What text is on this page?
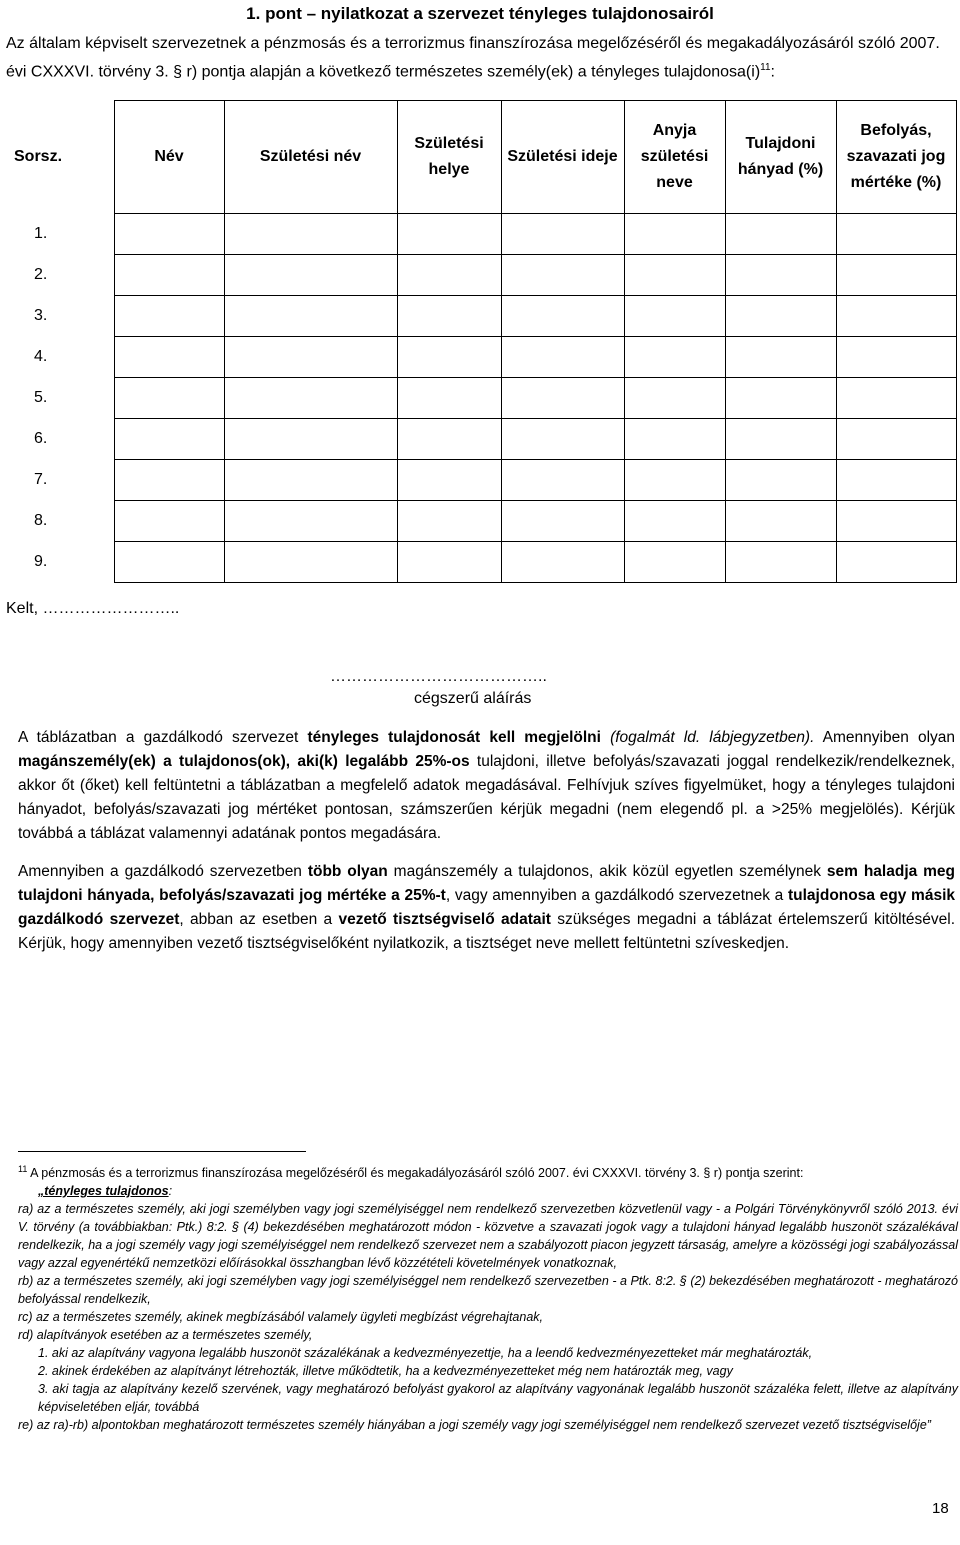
1. pont – nyilatkozat a szervezet tényleges tulajdonosairól
Az általam képviselt szervezetnek a pénzmosás és a terrorizmus finanszírozása megelőzéséről és megakadályozásáról szóló 2007. évi CXXXVI. törvény 3. § r) pontja alapján a következő természetes személy(ek) a tényleges $tulajdonosa(i)^{11}$:
Sorsz.	Név	Születési név	Születési helye	Születési ideje	Anyja születési neve	Tulajdoni hányad (%)	Befolyás, szavazati jog mértéke (%)
1.							
2.							
3.							
4.							
5.							
6.							
7.							
8.							
9.							
Kelt, ……………………..
…………………………………..
cégszerű aláírás
A táblázatban a gazdálkodó szervezet tényleges tulajdonosát kell megjelölni (fogalmát ld. lábjegyzetben). Amennyiben olyan magánszemély(ek) a tulajdonos(ok), aki(k) legalább 25%-os tulajdoni, illetve befolyás/szavazati joggal rendelkezik/rendelkeznek, akkor őt (őket) kell feltüntetni a táblázatban a megfelelő adatok megadásával. Felhívjuk szíves figyelmüket, hogy a tényleges tulajdoni hányadot, befolyás/szavazati jog mértéket pontosan, számszerűen kérjük megadni (nem elegendő pl. a >25% megjelölés). Kérjük továbbá a táblázat valamennyi adatának pontos megadására.
Amennyiben a gazdálkodó szervezetben több olyan magánszemély a tulajdonos, akik közül egyetlen személynek sem haladja meg tulajdoni hányada, befolyás/szavazati jog mértéke a 25%-t, vagy amennyiben a gazdálkodó szervezetnek a tulajdonosa egy másik gazdálkodó szervezet, abban az esetben a vezető tisztségviselő adatait szükséges megadni a táblázat értelemszerű kitöltésével. Kérjük, hogy amennyiben vezető tisztségviselőként nyilatkozik, a tisztséget neve mellett feltüntetni szíveskedjen.
$^{11}$ A pénzmosás és a terrorizmus finanszírozása megelőzéséről és megakadályozásáról szóló 2007. évi CXXXVI. törvény 3. § r) pontja szerint:
„tényleges tulajdonos:
ra) az a természetes személy, aki jogi személyben vagy jogi személyiséggel nem rendelkező szervezetben közvetlenül vagy - a Polgári Törvénykönyvről szóló 2013. évi V. törvény (a továbbiakban: Ptk.) 8:2. § (4) bekezdésében meghatározott módon - közvetve a szavazati jogok vagy a tulajdoni hányad legalább huszonöt százalékával rendelkezik, ha a jogi személy vagy jogi személyiséggel nem rendelkező szervezet nem a szabályozott piacon jegyzett társaság, amelyre a közösségi jogi szabályozással vagy azzal egyenértékű nemzetközi előírásokkal összhangban lévő közzétételi követelmények vonatkoznak,
rb) az a természetes személy, aki jogi személyben vagy jogi személyiséggel nem rendelkező szervezetben - a Ptk. 8:2. § (2) bekezdésében meghatározott - meghatározó befolyással rendelkezik,
rc) az a természetes személy, akinek megbízásából valamely ügyleti megbízást végrehajtanak,
rd) alapítványok esetében az a természetes személy,
1. aki az alapítvány vagyona legalább huszonöt százalékának a kedvezményezettje, ha a leendő kedvezményezetteket már meghatározták,
2. akinek érdekében az alapítványt létrehozták, illetve működtetik, ha a kedvezményezetteket még nem határozták meg, vagy
3. aki tagja az alapítvány kezelő szervének, vagy meghatározó befolyást gyakorol az alapítvány vagyonának legalább huszonöt százaléka felett, illetve az alapítvány képviseletében eljár, továbbá
re) az ra)-rb) alpontokban meghatározott természetes személy hiányában a jogi személy vagy jogi személyiséggel nem rendelkező szervezet vezető tisztségviselője”
18
